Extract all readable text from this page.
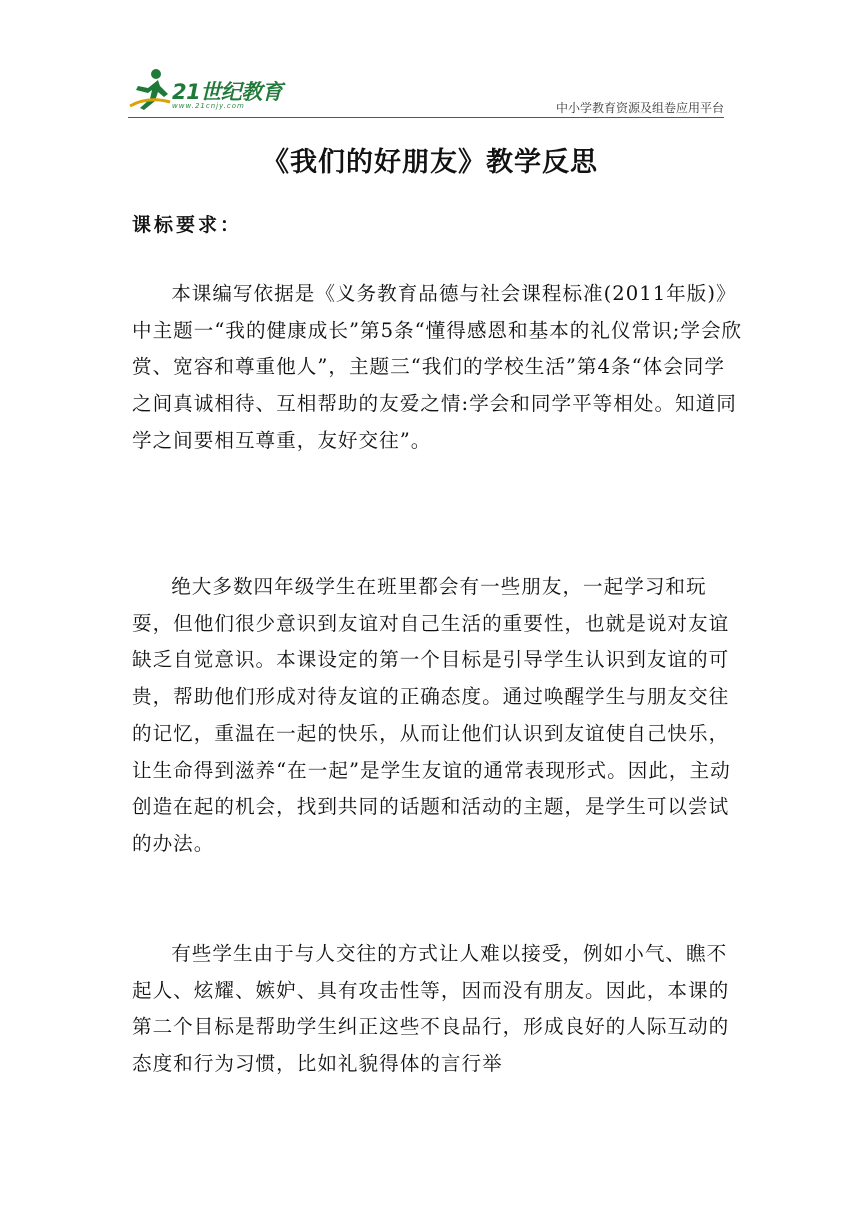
21世纪教育
www.21cnjy.com	中小学教育资源及组卷应用平台
《我们的好朋友》教学反思
课标要求：

本课编写依据是《义务教育品德与社会课程标准(2011年版)》中主题一“我的健康成长”第5条“懂得感恩和基本的礼仪常识;学会欣赏、宽容和尊重他人”，主题三“我们的学校生活”第4条“体会同学之间真诚相待、互相帮助的友爱之情:学会和同学平等相处。知道同学之间要相互尊重，友好交往”。

绝大多数四年级学生在班里都会有一些朋友，一起学习和玩耍，但他们很少意识到友谊对自己生活的重要性，也就是说对友谊缺乏自觉意识。本课设定的第一个目标是引导学生认识到友谊的可贵，帮助他们形成对待友谊的正确态度。通过唤醒学生与朋友交往的记忆，重温在一起的快乐，从而让他们认识到友谊使自己快乐，让生命得到滋养“在一起”是学生友谊的通常表现形式。因此，主动创造在起的机会，找到共同的话题和活动的主题，是学生可以尝试的办法。

有些学生由于与人交往的方式让人难以接受，例如小气、瞧不起人、炫耀、嫉妒、具有攻击性等，因而没有朋友。因此，本课的第二个目标是帮助学生纠正这些不良品行，形成良好的人际互动的态度和行为习惯，比如礼貌得体的言行举
